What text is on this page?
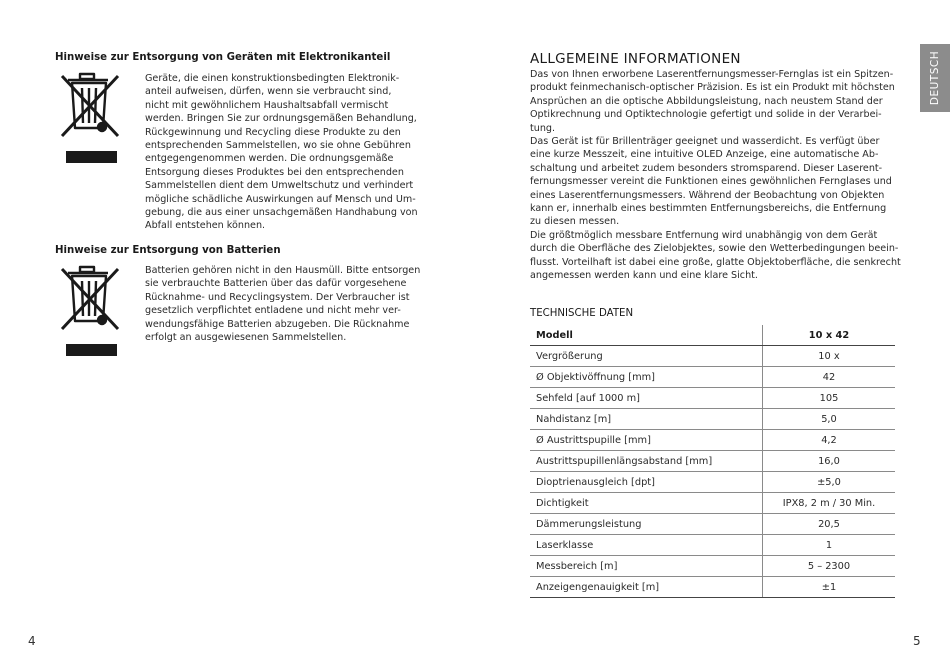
Hinweise zur Entsorgung von Geräten mit Elektronikanteil
Geräte, die einen konstruktionsbedingten Elektronik-
anteil aufweisen, dürfen, wenn sie verbraucht sind,
nicht mit gewöhnlichem Haushaltsabfall vermischt
werden. Bringen Sie zur ordnungsgemäßen Behandlung,
Rückgewinnung und Recycling diese Produkte zu den
entsprechenden Sammelstellen, wo sie ohne Gebühren
entgegengenommen werden. Die ordnungsgemäße
Entsorgung dieses Produktes bei den entsprechenden
Sammelstellen dient dem Umweltschutz und verhindert
mögliche schädliche Auswirkungen auf Mensch und Um-
gebung, die aus einer unsachgemäßen Handhabung von
Abfall entstehen können.
Hinweise zur Entsorgung von Batterien
Batterien gehören nicht in den Hausmüll. Bitte entsorgen
sie verbrauchte Batterien über das dafür vorgesehene
Rücknahme- und Recyclingsystem. Der Verbraucher ist
gesetzlich verpflichtet entladene und nicht mehr ver-
wendungsfähige Batterien abzugeben. Die Rücknahme
erfolgt an ausgewiesenen Sammelstellen.
4
DEUTSCH
ALLGEMEINE INFORMATIONEN
Das von Ihnen erworbene Laserentfernungsmesser-Fernglas ist ein Spitzen-
produkt feinmechanisch-optischer Präzision. Es ist ein Produkt mit höchsten
Ansprüchen an die optische Abbildungsleistung, nach neustem Stand der
Optikrechnung und Optiktechnologie gefertigt und solide in der Verarbei-
tung.
Das Gerät ist für Brillenträger geeignet und wasserdicht. Es verfügt über
eine kurze Messzeit, eine intuitive OLED Anzeige, eine automatische Ab-
schaltung und arbeitet zudem besonders stromsparend. Dieser Laserent-
fernungsmesser vereint die Funktionen eines gewöhnlichen Fernglases und
eines Laserentfernungsmessers. Während der Beobachtung von Objekten
kann er, innerhalb eines bestimmten Entfernungsbereichs, die Entfernung
zu diesen messen.
Die größtmöglich messbare Entfernung wird unabhängig von dem Gerät
durch die Oberfläche des Zielobjektes, sowie den Wetterbedingungen beein-
flusst. Vorteilhaft ist dabei eine große, glatte Objektoberfläche, die senkrecht
angemessen werden kann und eine klare Sicht.
TECHNISCHE DATEN
Modell	10 x 42
Vergrößerung	10 x
Ø Objektivöffnung [mm]	42
Sehfeld [auf 1000 m]	105
Nahdistanz [m]	5,0
Ø Austrittspupille [mm]	4,2
Austrittspupillenlängsabstand [mm]	16,0
Dioptrienausgleich [dpt]	±5,0
Dichtigkeit	IPX8, 2 m / 30 Min.
Dämmerungsleistung	20,5
Laserklasse	1
Messbereich [m]	5 – 2300
Anzeigengenauigkeit [m]	±1
5
